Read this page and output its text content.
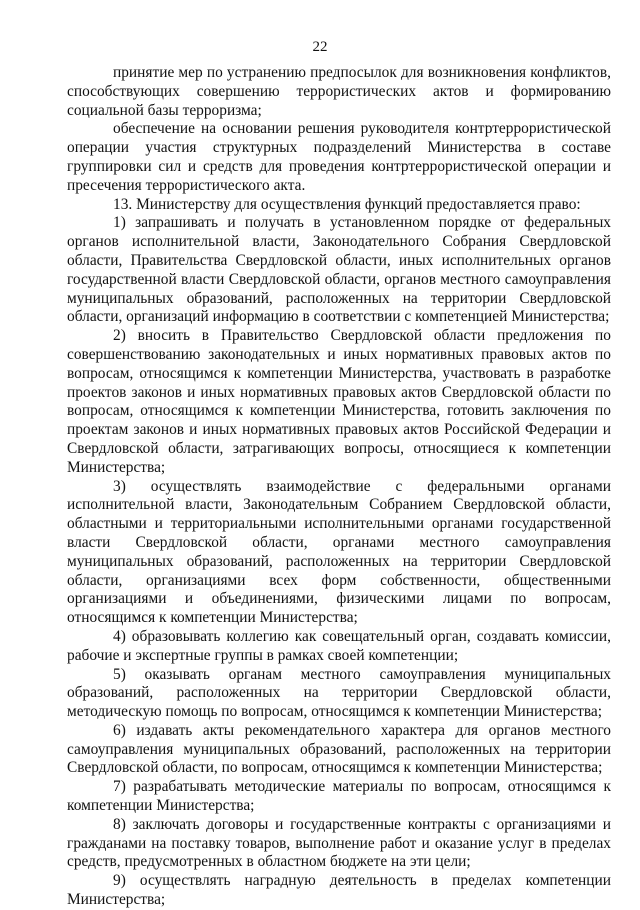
22

принятие мер по устранению предпосылок для возникновения конфликтов, способствующих совершению террористических актов и формированию социальной базы терроризма;

обеспечение на основании решения руководителя контртеррористической операции участия структурных подразделений Министерства в составе группировки сил и средств для проведения контртеррористической операции и пресечения террористического акта.

13. Министерству для осуществления функций предоставляется право:

1) запрашивать и получать в установленном порядке от федеральных органов исполнительной власти, Законодательного Собрания Свердловской области, Правительства Свердловской области, иных исполнительных органов государственной власти Свердловской области, органов местного самоуправления муниципальных образований, расположенных на территории Свердловской области, организаций информацию в соответствии с компетенцией Министерства;

2) вносить в Правительство Свердловской области предложения по совершенствованию законодательных и иных нормативных правовых актов по вопросам, относящимся к компетенции Министерства, участвовать в разработке проектов законов и иных нормативных правовых актов Свердловской области по вопросам, относящимся к компетенции Министерства, готовить заключения по проектам законов и иных нормативных правовых актов Российской Федерации и Свердловской области, затрагивающих вопросы, относящиеся к компетенции Министерства;

3) осуществлять взаимодействие с федеральными органами исполнительной власти, Законодательным Собранием Свердловской области, областными и территориальными исполнительными органами государственной власти Свердловской области, органами местного самоуправления муниципальных образований, расположенных на территории Свердловской области, организациями всех форм собственности, общественными организациями и объединениями, физическими лицами по вопросам, относящимся к компетенции Министерства;

4) образовывать коллегию как совещательный орган, создавать комиссии, рабочие и экспертные группы в рамках своей компетенции;

5) оказывать органам местного самоуправления муниципальных образований, расположенных на территории Свердловской области, методическую помощь по вопросам, относящимся к компетенции Министерства;

6) издавать акты рекомендательного характера для органов местного самоуправления муниципальных образований, расположенных на территории Свердловской области, по вопросам, относящимся к компетенции Министерства;

7) разрабатывать методические материалы по вопросам, относящимся к компетенции Министерства;

8) заключать договоры и государственные контракты с организациями и гражданами на поставку товаров, выполнение работ и оказание услуг в пределах средств, предусмотренных в областном бюджете на эти цели;

9) осуществлять наградную деятельность в пределах компетенции Министерства;
